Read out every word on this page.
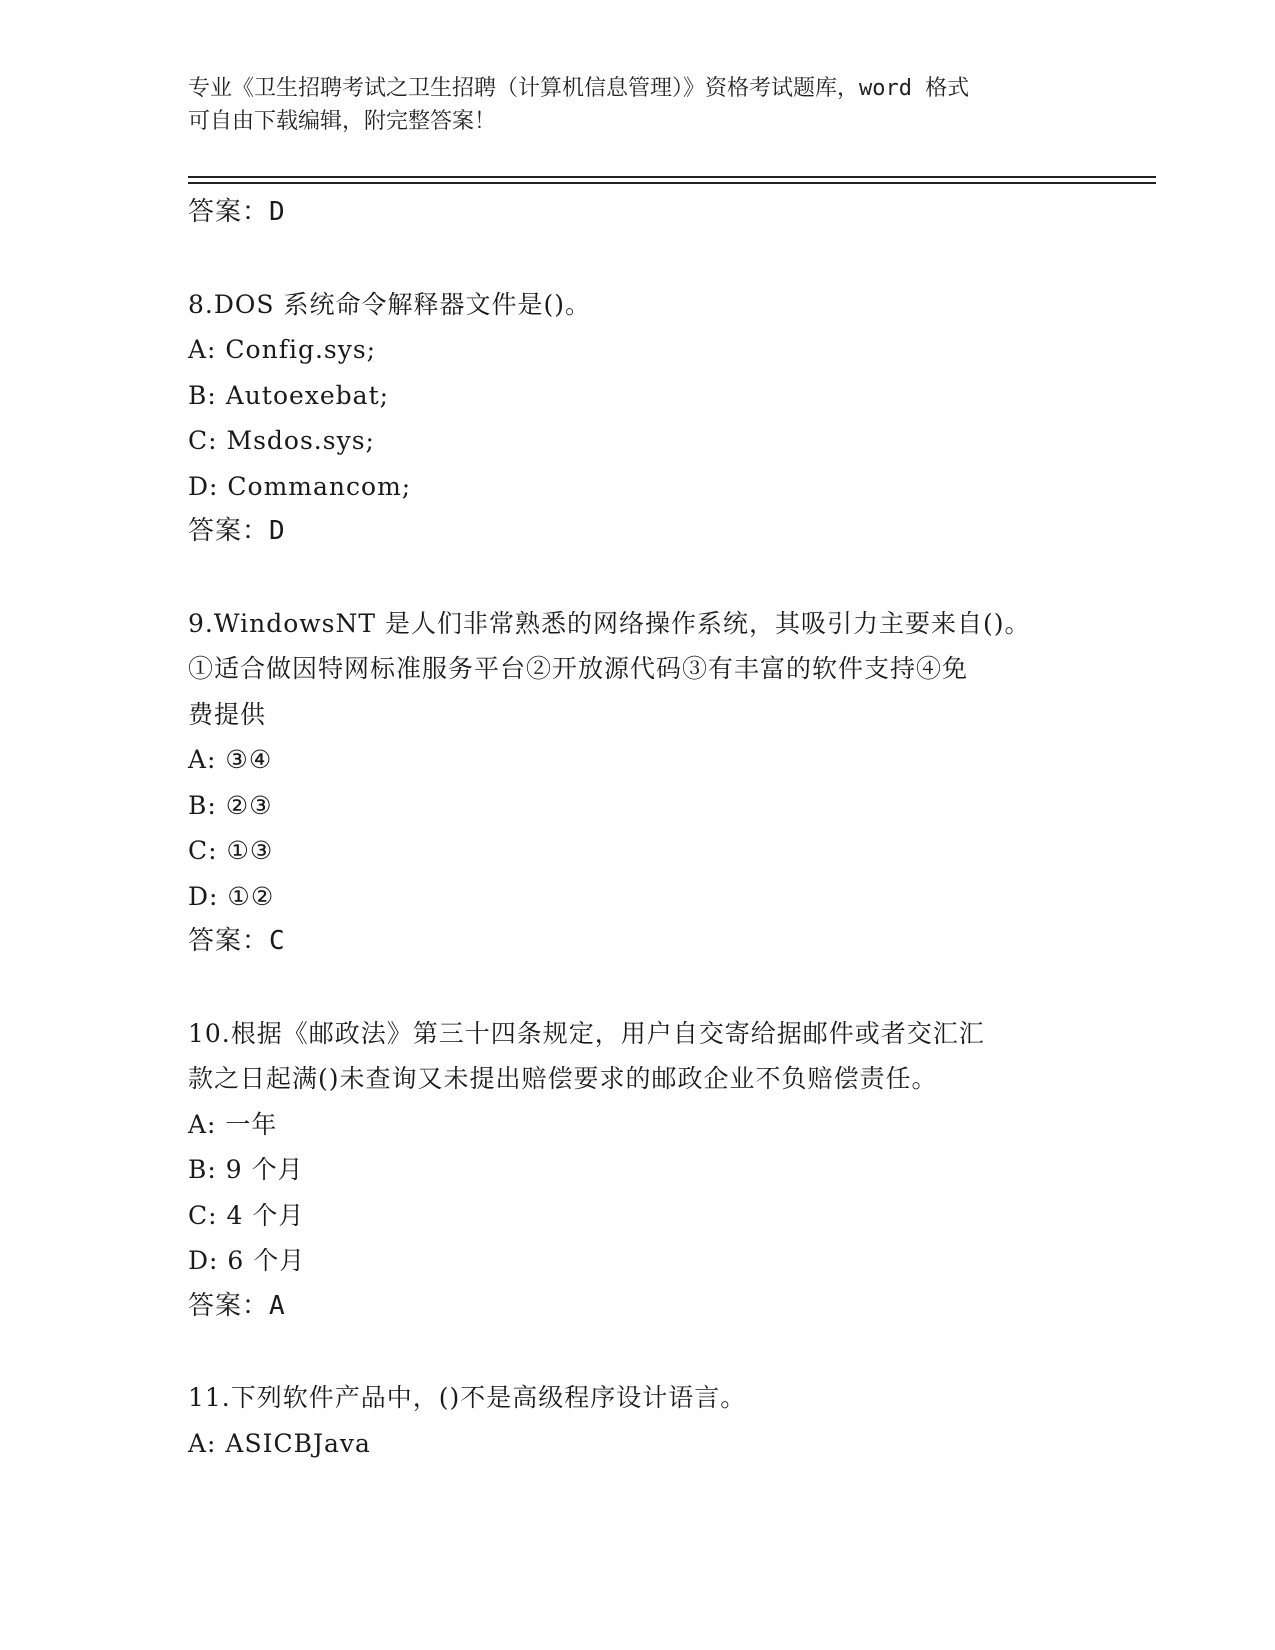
专业《卫生招聘考试之卫生招聘（计算机信息管理）》资格考试题库，word 格式
可自由下载编辑，附完整答案！
答案：D
8.DOS 系统命令解释器文件是()。
A: Config.sys;
B: Autoexebat;
C: Msdos.sys;
D: Commancom;
答案：D
9.WindowsNT 是人们非常熟悉的网络操作系统，其吸引力主要来自()。
①适合做因特网标准服务平台②开放源代码③有丰富的软件支持④免
费提供
A: ③④
B: ②③
C: ①③
D: ①②
答案：C
10.根据《邮政法》第三十四条规定，用户自交寄给据邮件或者交汇汇
款之日起满()未查询又未提出赔偿要求的邮政企业不负赔偿责任。
A: 一年
B: 9 个月
C: 4 个月
D: 6 个月
答案：A
11.下列软件产品中，()不是高级程序设计语言。
A: ASICBJava
